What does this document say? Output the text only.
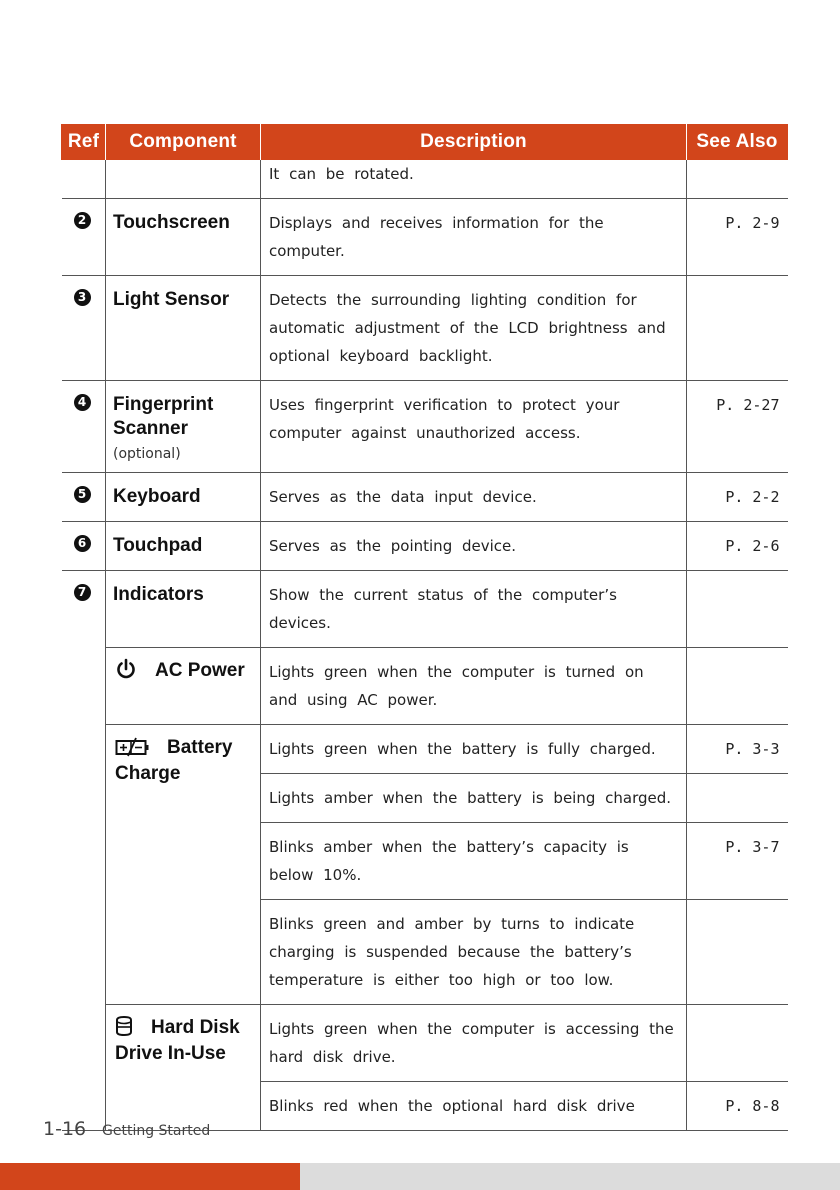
Ref	Component	Description	See Also

		It can be rotated.	

2	Touchscreen	Displays and receives information for the computer.	P. 2-9

3	Light Sensor	Detects the surrounding lighting condition for automatic adjustment of the LCD brightness and optional keyboard backlight.	

4	Fingerprint
Scanner
(optional)	Uses fingerprint verification to protect your computer against unauthorized access.	P. 2-27

5	Keyboard	Serves as the data input device.	P. 2-2

6	Touchpad	Serves as the pointing device.	P. 2-6

7	Indicators	Show the current status of the computer’s devices.	

	AC Power	Lights green when the computer is turned on and using AC power.	

	Battery
Charge	Lights green when the battery is fully charged.	P. 3-3

		Lights amber when the battery is being charged.	

		Blinks amber when the battery’s capacity is below 10%.	P. 3-7

		Blinks green and amber by turns to indicate charging is suspended because the battery’s temperature is either too high or too low.	

	Hard Disk
Drive In-Use	Lights green when the computer is accessing the hard disk drive.	

		Blinks red when the optional hard disk drive	P. 8-8
1-16 Getting Started
